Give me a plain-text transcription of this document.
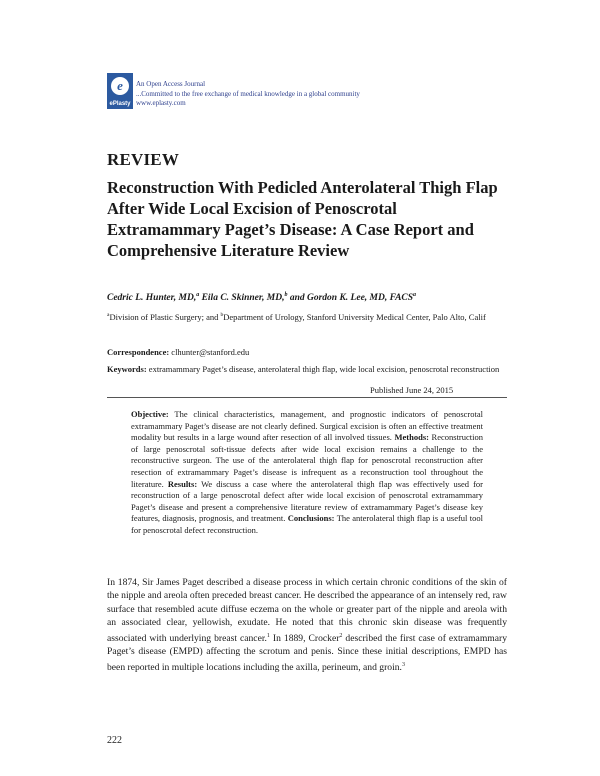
e
ePlasty
An Open Access Journal
...Committed to the free exchange of medical knowledge in a global community
www.eplasty.com
REVIEW
Reconstruction With Pedicled Anterolateral Thigh Flap After Wide Local Excision of Penoscrotal Extramammary Paget’s Disease: A Case Report and Comprehensive Literature Review
Cedric L. Hunter, MD,$^a$ Eila C. Skinner, MD,$^b$ and Gordon K. Lee, MD, FACS$^a$
$^a$Division of Plastic Surgery; and $^b$Department of Urology, Stanford University Medical Center, Palo Alto, Calif
Correspondence: clhunter@stanford.edu
Keywords: extramammary Paget’s disease, anterolateral thigh flap, wide local excision, penoscrotal reconstruction
Published June 24, 2015
Objective: The clinical characteristics, management, and prognostic indicators of penoscrotal extramammary Paget’s disease are not clearly defined. Surgical excision is often an effective treatment modality but results in a large wound after resection of all involved tissues. Methods: Reconstruction of large penoscrotal soft-tissue defects after wide local excision remains a challenge to the reconstructive surgeon. The use of the anterolateral thigh flap for penoscrotal reconstruction after resection of extramammary Paget’s disease is infrequent as a reconstruction tool throughout the literature. Results: We discuss a case where the anterolateral thigh flap was effectively used for reconstruction of a large penoscrotal defect after wide local excision of penoscrotal extramammary Paget’s disease and present a comprehensive literature review of extramammary Paget’s disease key features, diagnosis, prognosis, and treatment. Conclusions: The anterolateral thigh flap is a useful tool for penoscrotal defect reconstruction.
In 1874, Sir James Paget described a disease process in which certain chronic conditions of the skin of the nipple and areola often preceded breast cancer. He described the appearance of an intensely red, raw surface that resembled acute diffuse eczema on the whole or greater part of the nipple and areola with an associated clear, yellowish, exudate. He noted that this chronic skin disease was frequently associated with underlying breast cancer.$^1$ In 1889, Crocker$^2$ described the first case of extramammary Paget’s disease (EMPD) affecting the scrotum and penis. Since these initial descriptions, EMPD has been reported in multiple locations including the axilla, perineum, and groin.$^3$
222
